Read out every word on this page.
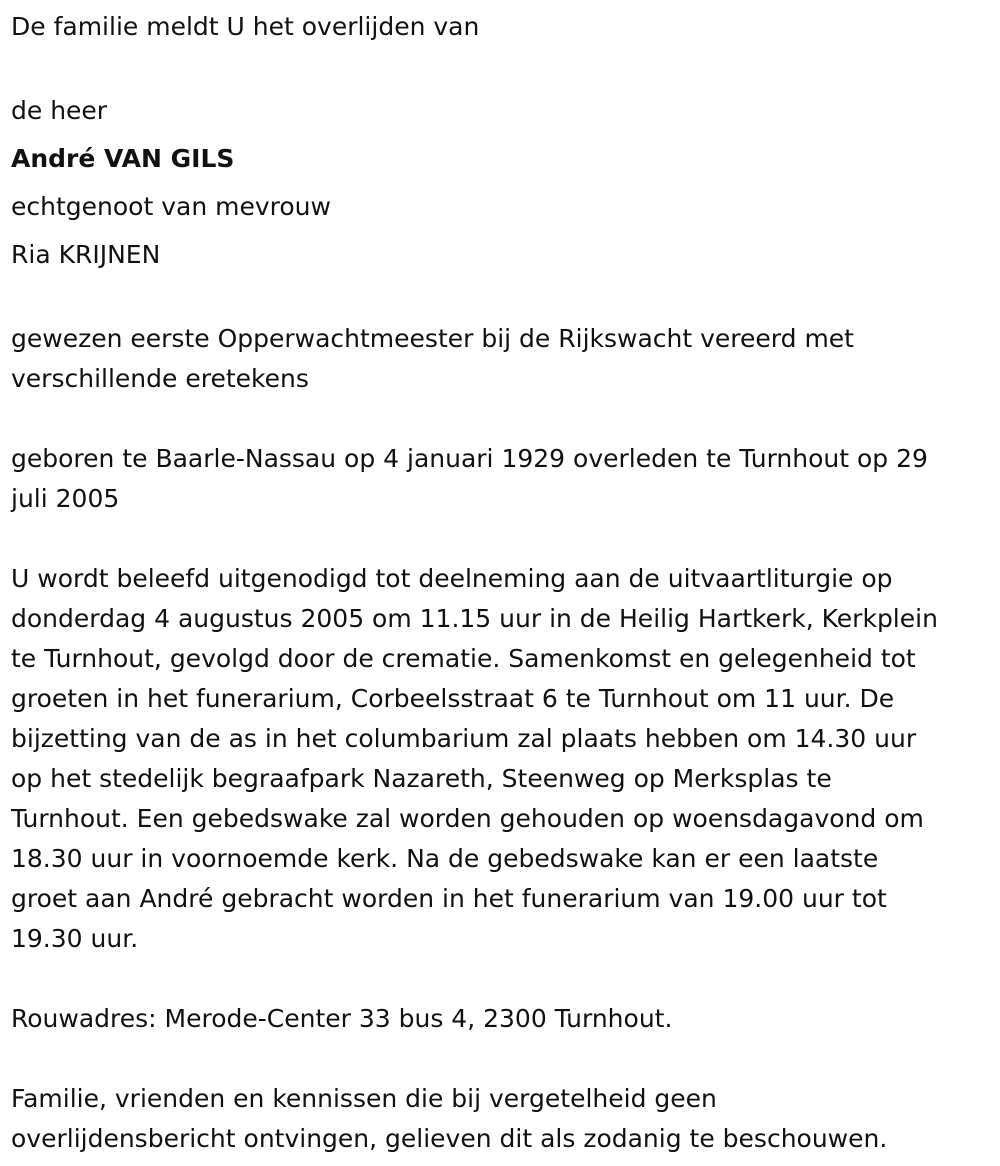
De familie meldt U het overlijden van

de heer

André VAN GILS

echtgenoot van mevrouw

Ria KRIJNEN

gewezen eerste Opperwachtmeester bij de Rijkswacht vereerd met

verschillende eretekens

geboren te Baarle-Nassau op 4 januari 1929 overleden te Turnhout op 29

juli 2005

U wordt beleefd uitgenodigd tot deelneming aan de uitvaartliturgie op

donderdag 4 augustus 2005 om 11.15 uur in de Heilig Hartkerk, Kerkplein

te Turnhout, gevolgd door de crematie. Samenkomst en gelegenheid tot

groeten in het funerarium, Corbeelsstraat 6 te Turnhout om 11 uur. De

bijzetting van de as in het columbarium zal plaats hebben om 14.30 uur

op het stedelijk begraafpark Nazareth, Steenweg op Merksplas te

Turnhout. Een gebedswake zal worden gehouden op woensdagavond om

18.30 uur in voornoemde kerk. Na de gebedswake kan er een laatste

groet aan André gebracht worden in het funerarium van 19.00 uur tot

19.30 uur.

Rouwadres: Merode-Center 33 bus 4, 2300 Turnhout.

Familie, vrienden en kennissen die bij vergetelheid geen

overlijdensbericht ontvingen, gelieven dit als zodanig te beschouwen.
